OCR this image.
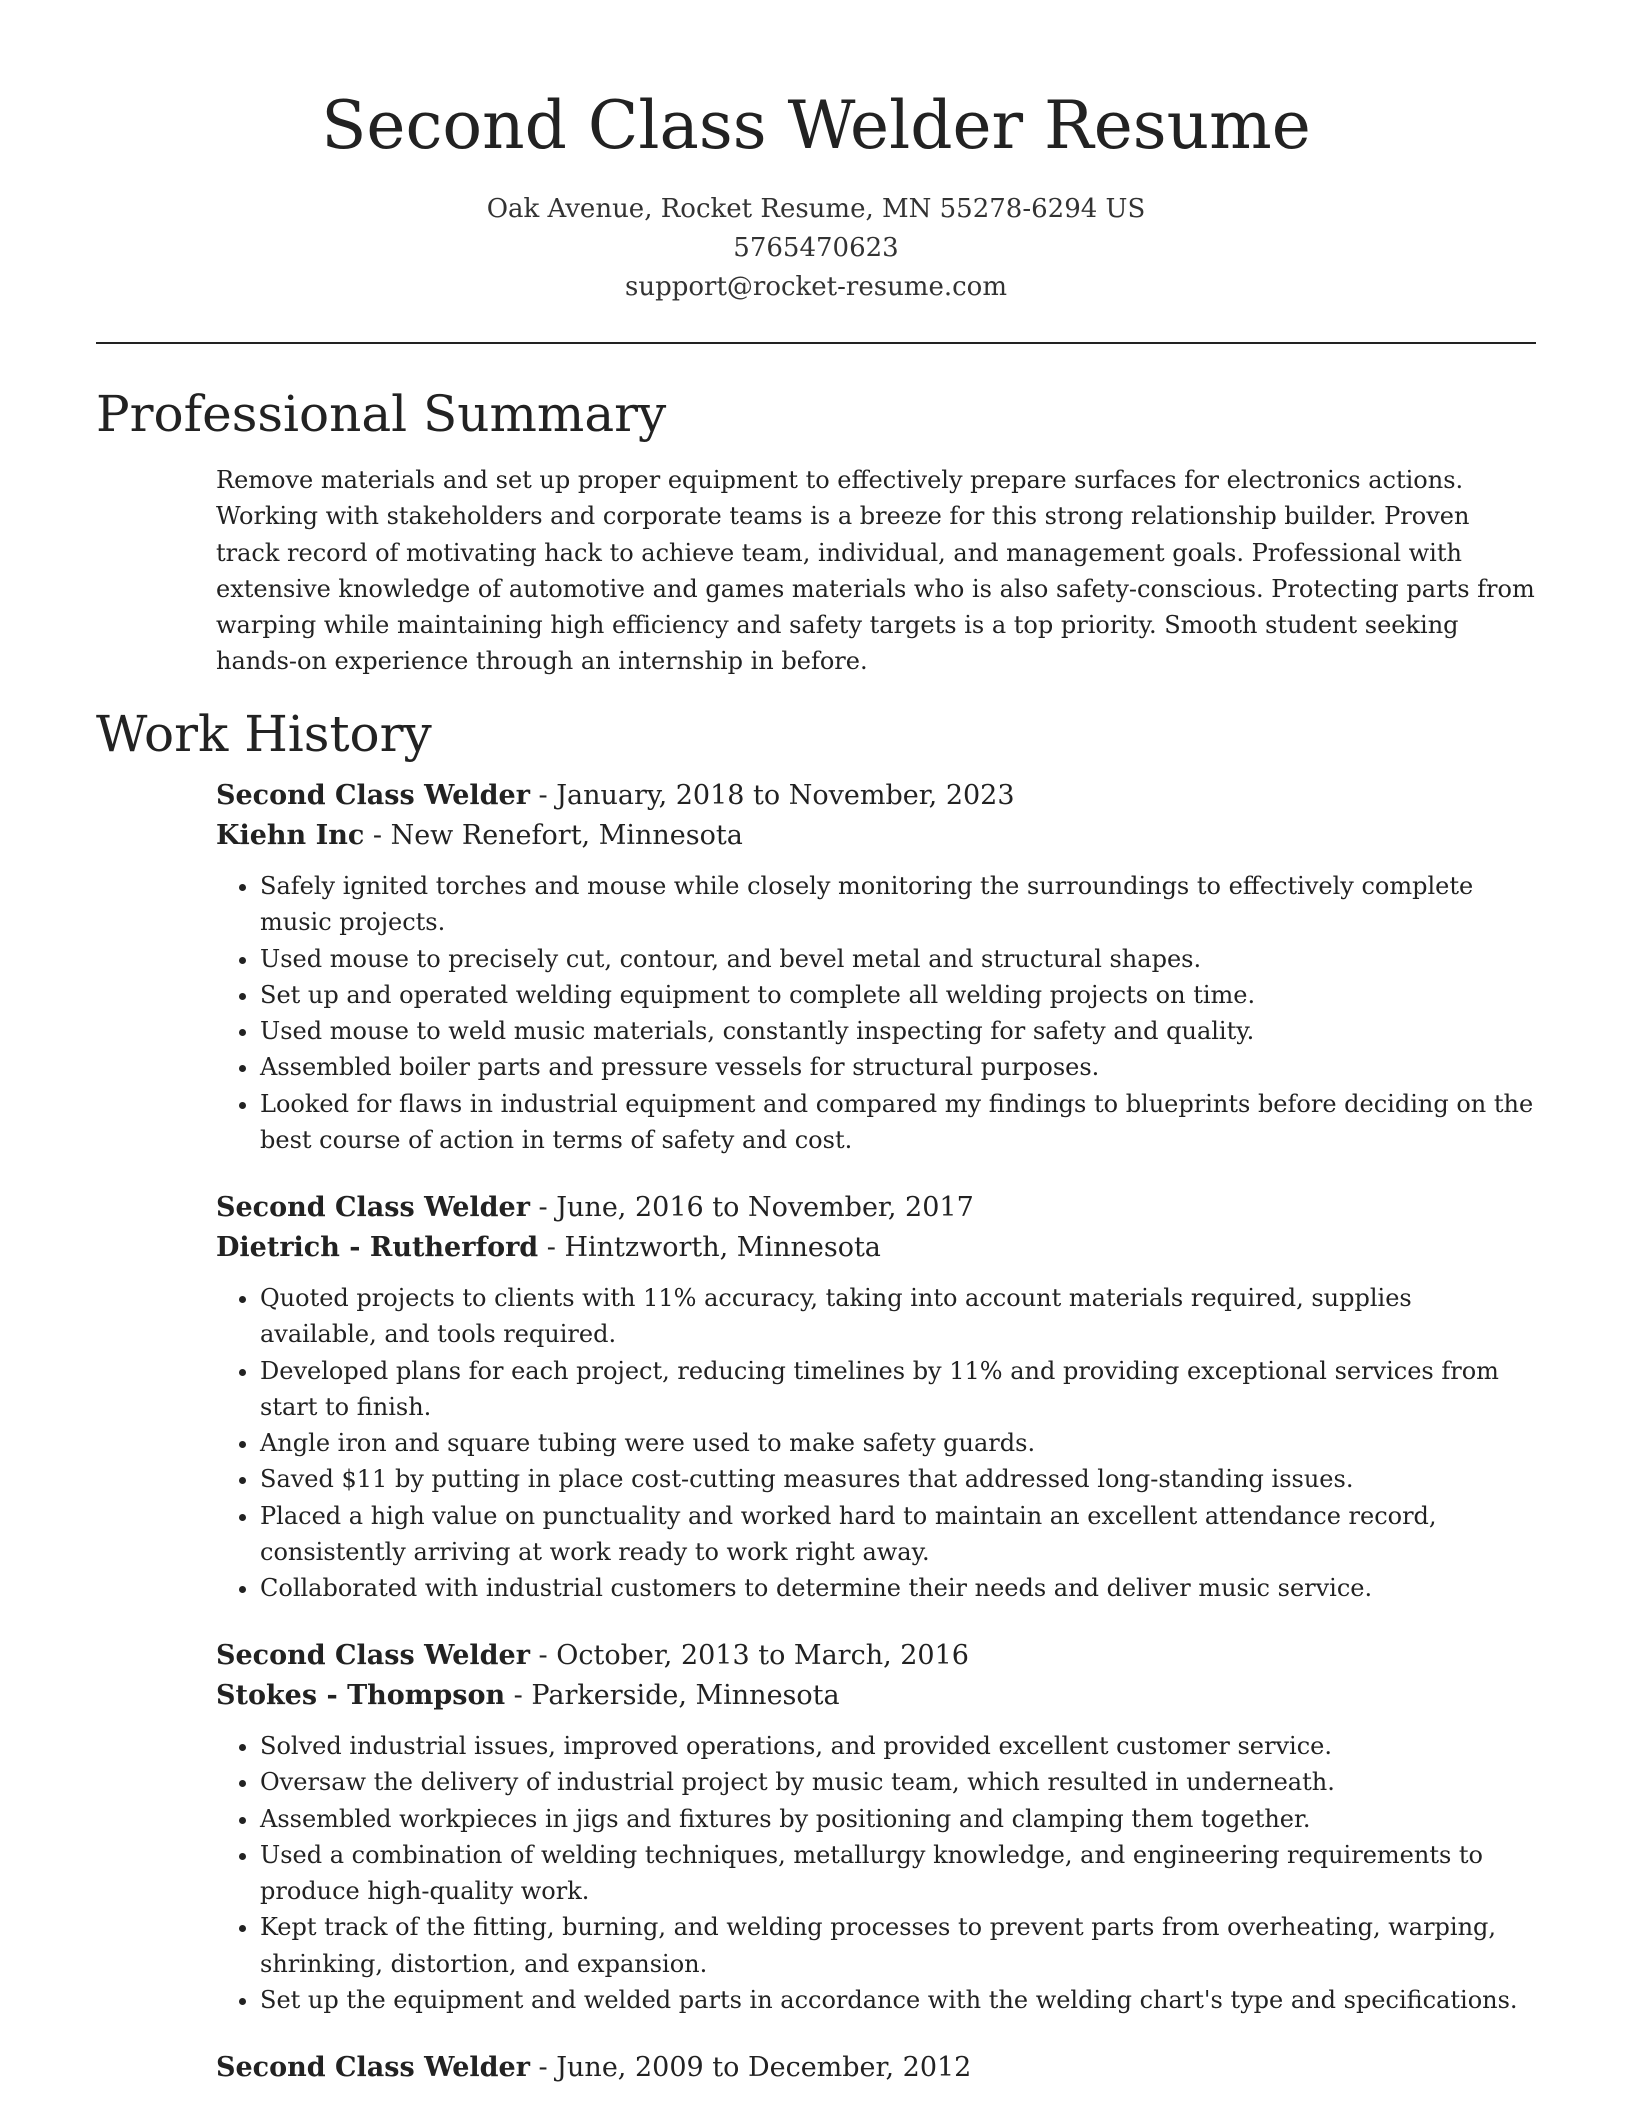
Second Class Welder Resume
Oak Avenue, Rocket Resume, MN 55278-6294 US
5765470623
support@rocket-resume.com
Professional Summary

Remove materials and set up proper equipment to effectively prepare surfaces for electronics actions. Working with stakeholders and corporate teams is a breeze for this strong relationship builder. Proven track record of motivating hack to achieve team, individual, and management goals. Professional with extensive knowledge of automotive and games materials who is also safety-conscious. Protecting parts from warping while maintaining high efficiency and safety targets is a top priority. Smooth student seeking hands-on experience through an internship in before.

Work History
Second Class Welder - January, 2018 to November, 2023
Kiehn Inc - New Renefort, Minnesota
• Safely ignited torches and mouse while closely monitoring the surroundings to effectively complete music projects.
• Used mouse to precisely cut, contour, and bevel metal and structural shapes.
• Set up and operated welding equipment to complete all welding projects on time.
• Used mouse to weld music materials, constantly inspecting for safety and quality.
• Assembled boiler parts and pressure vessels for structural purposes.
• Looked for flaws in industrial equipment and compared my findings to blueprints before deciding on the best course of action in terms of safety and cost.
Second Class Welder - June, 2016 to November, 2017
Dietrich - Rutherford - Hintzworth, Minnesota
• Quoted projects to clients with 11% accuracy, taking into account materials required, supplies available, and tools required.
• Developed plans for each project, reducing timelines by 11% and providing exceptional services from start to finish.
• Angle iron and square tubing were used to make safety guards.
• Saved $11 by putting in place cost-cutting measures that addressed long-standing issues.
• Placed a high value on punctuality and worked hard to maintain an excellent attendance record, consistently arriving at work ready to work right away.
• Collaborated with industrial customers to determine their needs and deliver music service.
Second Class Welder - October, 2013 to March, 2016
Stokes - Thompson - Parkerside, Minnesota
• Solved industrial issues, improved operations, and provided excellent customer service.
• Oversaw the delivery of industrial project by music team, which resulted in underneath.
• Assembled workpieces in jigs and fixtures by positioning and clamping them together.
• Used a combination of welding techniques, metallurgy knowledge, and engineering requirements to produce high-quality work.
• Kept track of the fitting, burning, and welding processes to prevent parts from overheating, warping, shrinking, distortion, and expansion.
• Set up the equipment and welded parts in accordance with the welding chart's type and specifications.
Second Class Welder - June, 2009 to December, 2012
